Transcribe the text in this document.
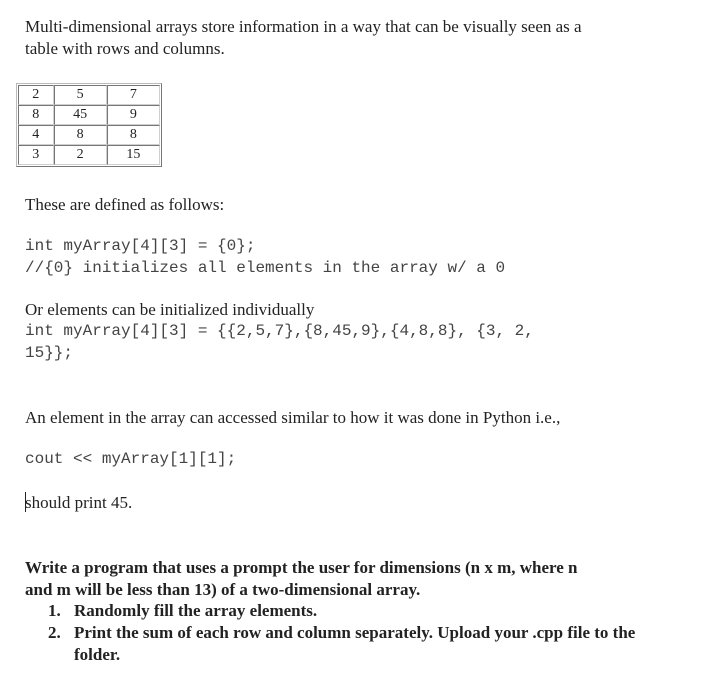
Multi-dimensional arrays store information in a way that can be visually seen as a
table with rows and columns.
2	5	7
8	45	9
4	8	8
3	2	15
These are defined as follows:
int myArray[4][3] = {0};
//{0} initializes all elements in the array w/ a 0
Or elements can be initialized individually
int myArray[4][3] = {{2,5,7},{8,45,9},{4,8,8}, {3, 2,
15}};
An element in the array can accessed similar to how it was done in Python i.e.,
cout << myArray[1][1];
should print 45.
Write a program that uses a prompt the user for dimensions (n x m, where n
and m will be less than 13) of a two-dimensional array.
1. Randomly fill the array elements.
2. Print the sum of each row and column separately. Upload your .cpp file to the folder.
